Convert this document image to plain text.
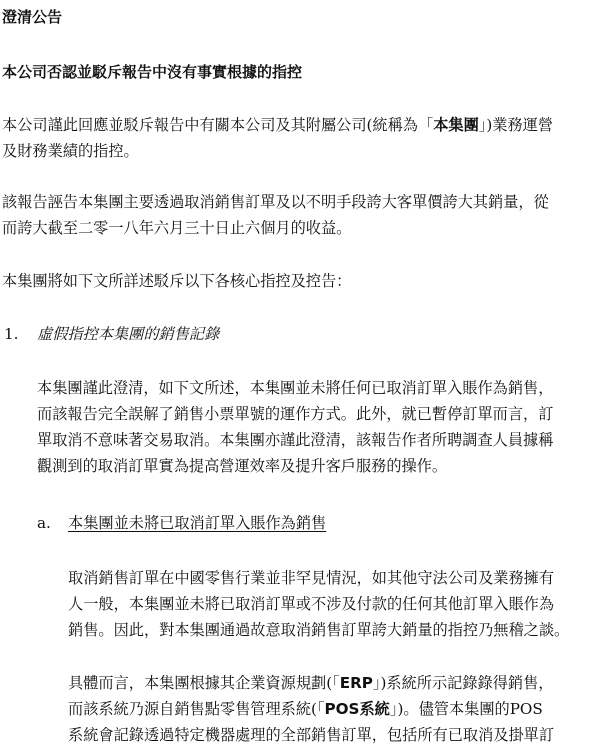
澄清公告
本公司否認並駁斥報告中沒有事實根據的指控
本公司謹此回應並駁斥報告中有關本公司及其附屬公司(統稱為「本集團」)業務運營
及財務業績的指控。
該報告誣告本集團主要透過取消銷售訂單及以不明手段誇大客單價誇大其銷量，從
而誇大截至二零一八年六月三十日止六個月的收益。
本集團將如下文所詳述駁斥以下各核心指控及控告：
1. 虛假指控本集團的銷售記錄
本集團謹此澄清，如下文所述，本集團並未將任何已取消訂單入賬作為銷售，
而該報告完全誤解了銷售小票單號的運作方式。此外，就已暫停訂單而言，訂
單取消不意味著交易取消。本集團亦謹此澄清，該報告作者所聘調查人員據稱
觀測到的取消訂單實為提高營運效率及提升客戶服務的操作。
a. 本集團並未將已取消訂單入賬作為銷售
取消銷售訂單在中國零售行業並非罕見情況，如其他守法公司及業務擁有
人一般，本集團並未將已取消訂單或不涉及付款的任何其他訂單入賬作為
銷售。因此，對本集團通過故意取消銷售訂單誇大銷量的指控乃無稽之談。
具體而言，本集團根據其企業資源規劃(「ERP」)系統所示記錄錄得銷售，
而該系統乃源自銷售點零售管理系統(「POS系統」)。儘管本集團的POS
系統會記錄透過特定機器處理的全部銷售訂單，包括所有已取消及掛單訂
